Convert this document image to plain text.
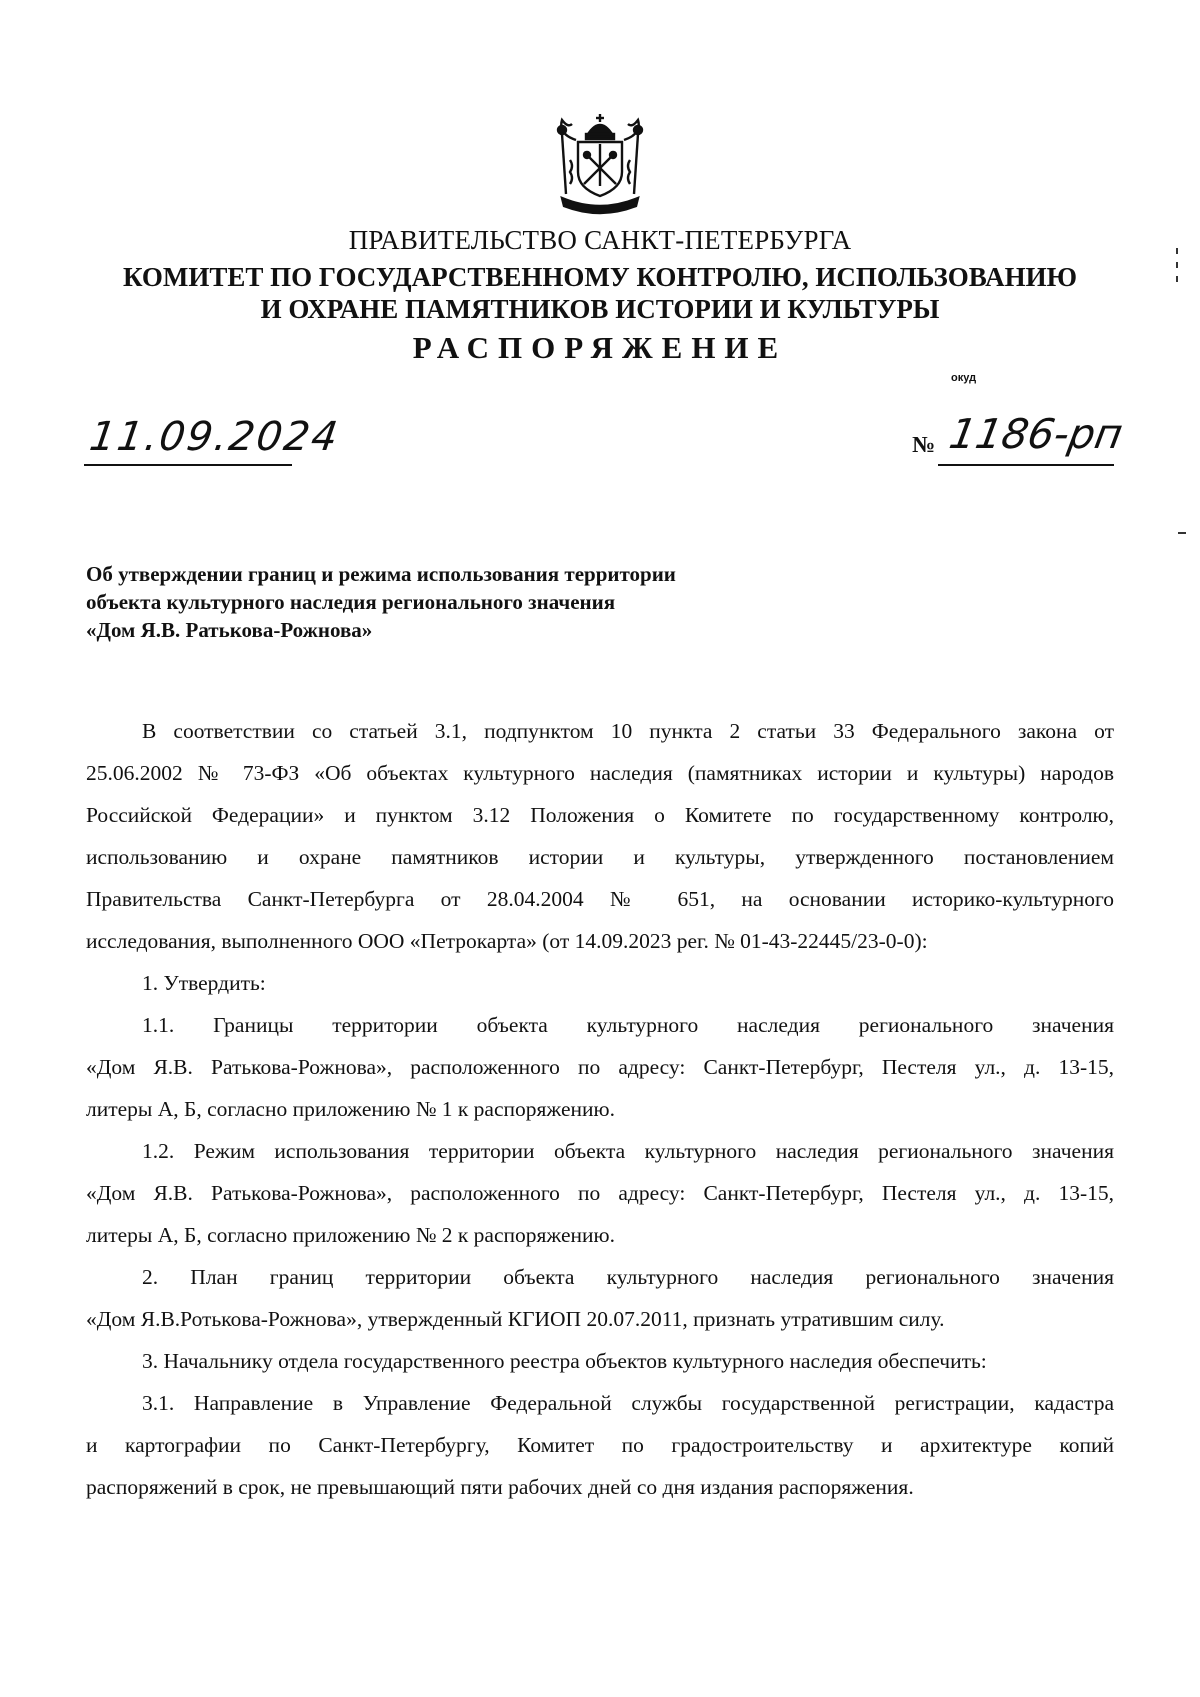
ПРАВИТЕЛЬСТВО САНКТ-ПЕТЕРБУРГА
КОМИТЕТ ПО ГОСУДАРСТВЕННОМУ КОНТРОЛЮ, ИСПОЛЬЗОВАНИЮ
И ОХРАНЕ ПАМЯТНИКОВ ИСТОРИИ И КУЛЬТУРЫ
РАСПОРЯЖЕНИЕ
окуд
11.09.2024	№ 1186-рп
Об утверждении границ и режима использования территории
объекта культурного наследия регионального значения
«Дом Я.В. Ратькова-Рожнова»
В соответствии со статьей 3.1, подпунктом 10 пункта 2 статьи 33 Федерального закона от
25.06.2002 № 73-ФЗ «Об объектах культурного наследия (памятниках истории и культуры) народов
Российской Федерации» и пунктом 3.12 Положения о Комитете по государственному контролю,
использованию и охране памятников истории и культуры, утвержденного постановлением
Правительства Санкт-Петербурга от 28.04.2004 № 651, на основании историко-культурного
исследования, выполненного ООО «Петрокарта» (от 14.09.2023 рег. № 01-43-22445/23-0-0):
1. Утвердить:
1.1. Границы территории объекта культурного наследия регионального значения
«Дом Я.В. Ратькова-Рожнова», расположенного по адресу: Санкт-Петербург, Пестеля ул., д. 13-15,
литеры А, Б, согласно приложению № 1 к распоряжению.
1.2. Режим использования территории объекта культурного наследия регионального значения
«Дом Я.В. Ратькова-Рожнова», расположенного по адресу: Санкт-Петербург, Пестеля ул., д. 13-15,
литеры А, Б, согласно приложению № 2 к распоряжению.
2. План границ территории объекта культурного наследия регионального значения
«Дом Я.В.Ротькова-Рожнова», утвержденный КГИОП 20.07.2011, признать утратившим силу.
3. Начальнику отдела государственного реестра объектов культурного наследия обеспечить:
3.1. Направление в Управление Федеральной службы государственной регистрации, кадастра
и картографии по Санкт-Петербургу, Комитет по градостроительству и архитектуре копий
распоряжений в срок, не превышающий пяти рабочих дней со дня издания распоряжения.
